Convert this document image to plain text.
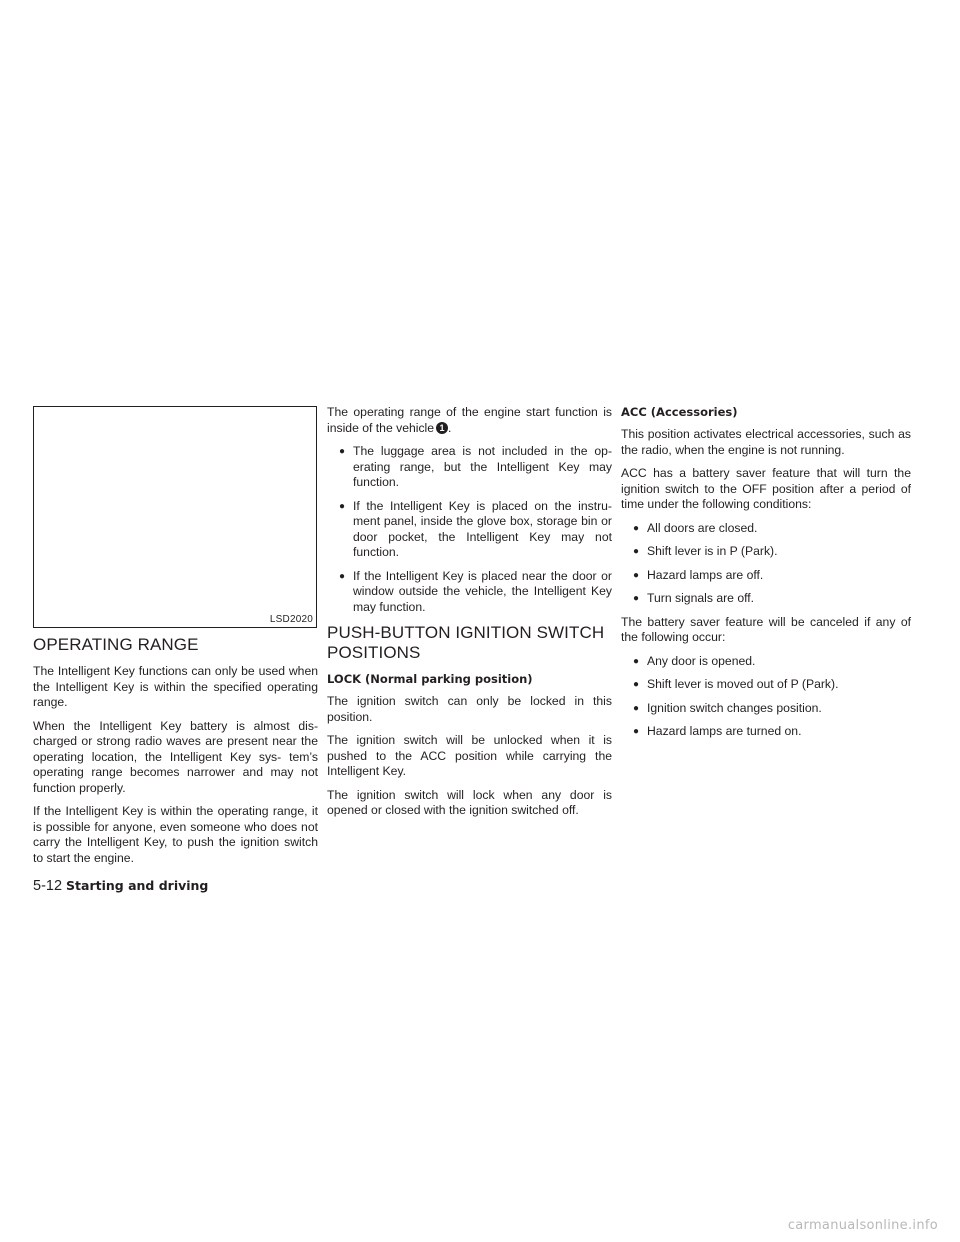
LSD2020
OPERATING RANGE

The Intelligent Key functions can only be used when the Intelligent Key is within the specified operating range.

When the Intelligent Key battery is almost dis- charged or strong radio waves are present near the operating location, the Intelligent Key sys- tem’s operating range becomes narrower and may not function properly.

If the Intelligent Key is within the operating range, it is possible for anyone, even someone who does not carry the Intelligent Key, to push the ignition switch to start the engine.

The operating range of the engine start function is inside of the vehicle 1 .

● The luggage area is not included in the op- erating range, but the Intelligent Key may function.
● If the Intelligent Key is placed on the instru- ment panel, inside the glove box, storage bin or door pocket, the Intelligent Key may not function.
● If the Intelligent Key is placed near the door or window outside the vehicle, the Intelligent Key may function.
PUSH-BUTTON IGNITION SWITCH POSITIONS
LOCK (Normal parking position)

The ignition switch can only be locked in this position.

The ignition switch will be unlocked when it is pushed to the ACC position while carrying the Intelligent Key.

The ignition switch will lock when any door is opened or closed with the ignition switched off.

ACC (Accessories)

This position activates electrical accessories, such as the radio, when the engine is not running.

ACC has a battery saver feature that will turn the ignition switch to the OFF position after a period of time under the following conditions:

● All doors are closed.
● Shift lever is in P (Park).
● Hazard lamps are off.
● Turn signals are off.

The battery saver feature will be canceled if any of the following occur:

● Any door is opened.
● Shift lever is moved out of P (Park).
● Ignition switch changes position.
● Hazard lamps are turned on.
5-12 Starting and driving
carmanualsonline.info
